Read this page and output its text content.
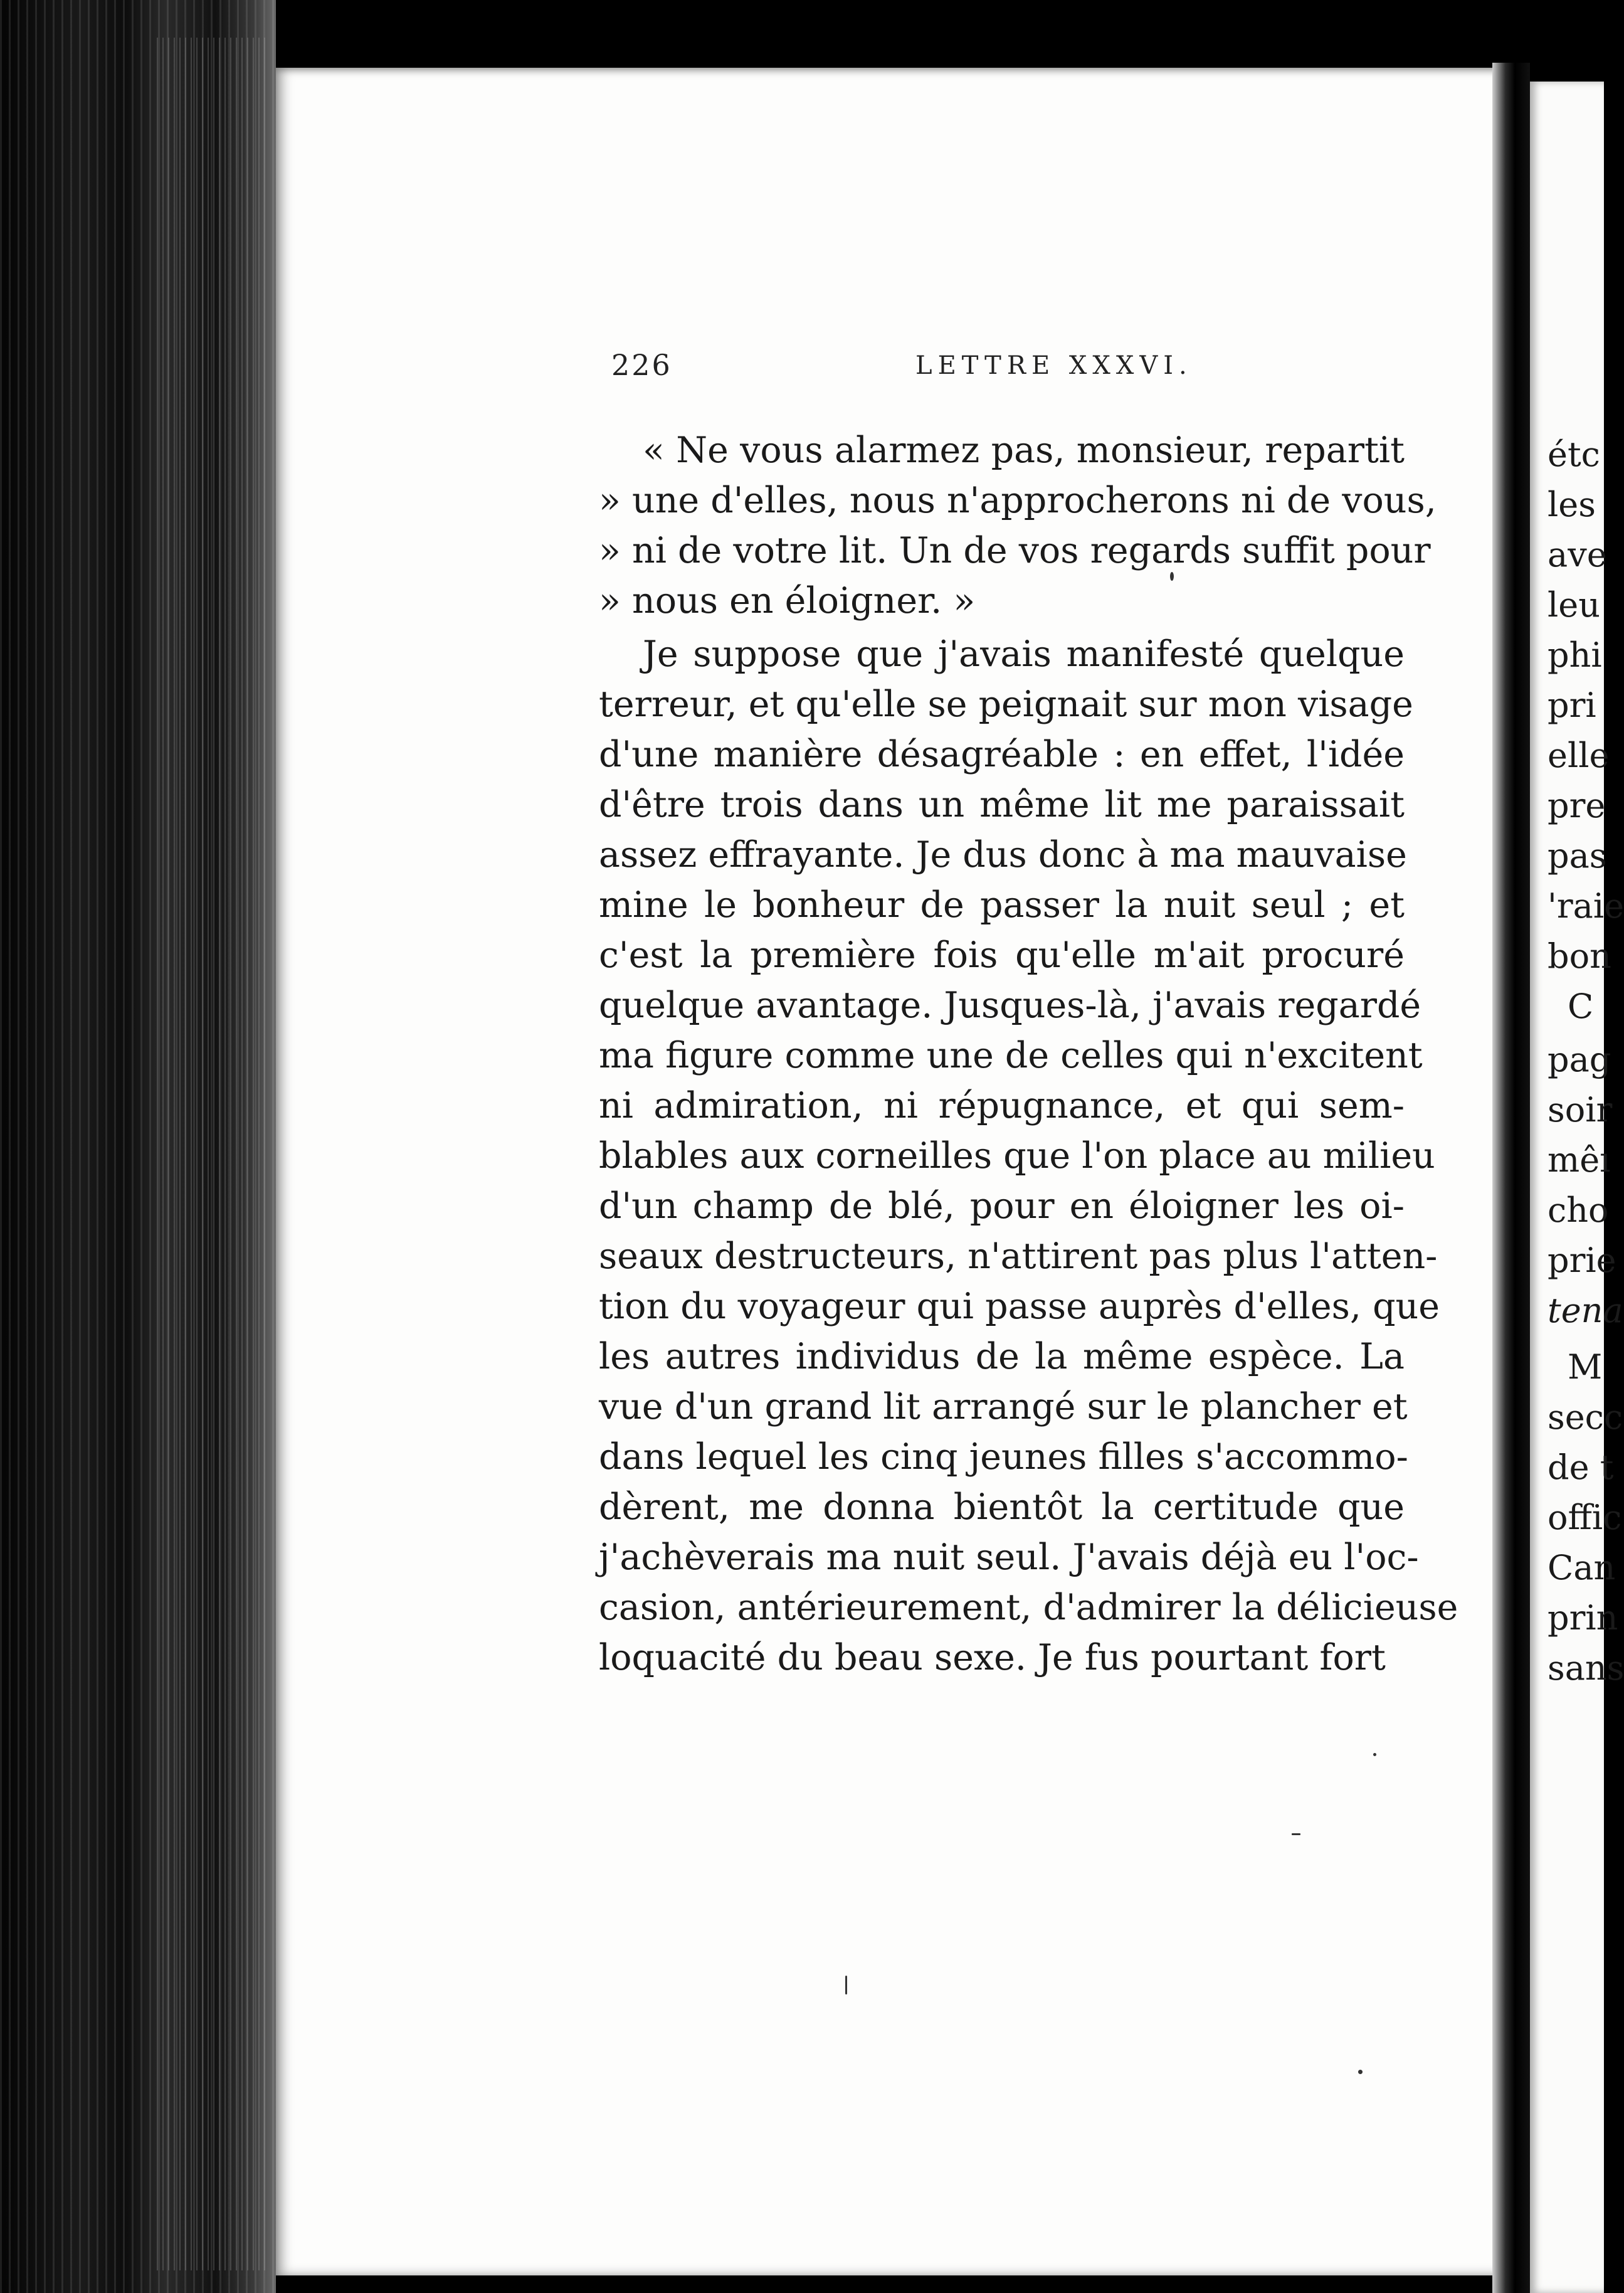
226	LETTRE XXXVI.
« Ne vous alarmez pas, monsieur, repartit
» une d'elles, nous n'approcherons ni de vous,
» ni de votre lit. Un de vos regards suffit pour
» nous en éloigner. »
Je suppose que j'avais manifesté quelque
terreur, et qu'elle se peignait sur mon visage
d'une manière désagréable : en effet, l'idée
d'être trois dans un même lit me paraissait
assez effrayante. Je dus donc à ma mauvaise
mine le bonheur de passer la nuit seul ; et
c'est la première fois qu'elle m'ait procuré
quelque avantage. Jusques-là, j'avais regardé
ma figure comme une de celles qui n'excitent
ni admiration, ni répugnance, et qui sem-
blables aux corneilles que l'on place au milieu
d'un champ de blé, pour en éloigner les oi-
seaux destructeurs, n'attirent pas plus l'atten-
tion du voyageur qui passe auprès d'elles, que
les autres individus de la même espèce. La
vue d'un grand lit arrangé sur le plancher et
dans lequel les cinq jeunes filles s'accommo-
dèrent, me donna bientôt la certitude que
j'achèverais ma nuit seul. J'avais déjà eu l'oc-
casion, antérieurement, d'admirer la délicieuse
loquacité du beau sexe. Je fus pourtant fort
étc
les
ave
leu
phi
pri
elle
pre
pas
'raie
bon
C
pag
soir
mêı
cho
prie
tena
M
secc
de t
offic
Can
prin
sans
